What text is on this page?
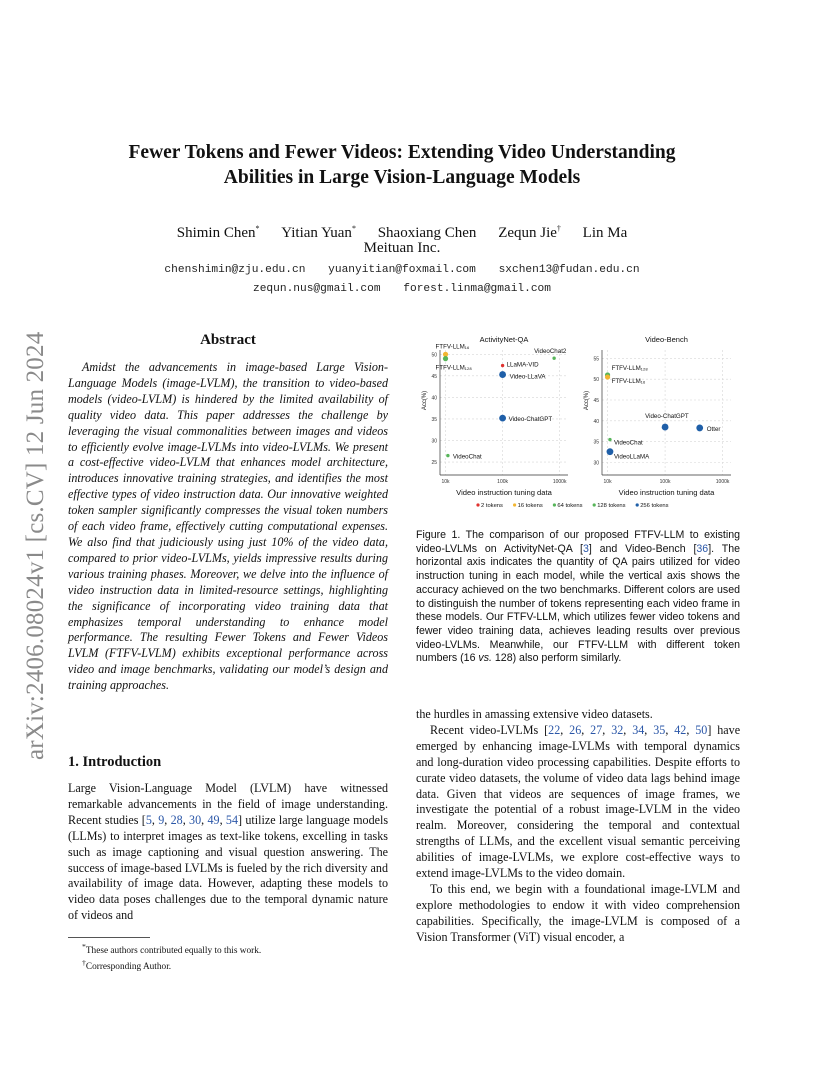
arXiv:2406.08024v1 [cs.CV] 12 Jun 2024
Fewer Tokens and Fewer Videos: Extending Video Understanding
Abilities in Large Vision-Language Models
Shimin Chen* Yitian Yuan* Shaoxiang Chen Zequn Jie† Lin Ma
Meituan Inc.
chenshimin@zju.edu.cn yuanyitian@foxmail.com sxchen13@fudan.edu.cn
zequn.nus@gmail.com forest.linma@gmail.com
Abstract
Amidst the advancements in image-based Large Vision-Language Models (image-LVLM), the transition to video-based models (video-LVLM) is hindered by the limited availability of quality video data. This paper addresses the challenge by leveraging the visual commonalities between images and videos to efficiently evolve image-LVLMs into video-LVLMs. We present a cost-effective video-LVLM that enhances model architecture, introduces innovative training strategies, and identifies the most effective types of video instruction data. Our innovative weighted token sampler significantly compresses the visual token numbers of each video frame, effectively cutting computational expenses. We also find that judiciously using just 10% of the video data, compared to prior video-LVLMs, yields impressive results during various training phases. Moreover, we delve into the influence of video instruction data in limited-resource settings, highlighting the significance of incorporating video training data that emphasizes temporal understanding to enhance model performance. The resulting Fewer Tokens and Fewer Videos LVLM (FTFV-LVLM) exhibits exceptional performance across video and image benchmarks, validating our model’s design and training approaches.
1. Introduction
Large Vision-Language Model (LVLM) have witnessed remarkable advancements in the field of image understanding. Recent studies [5, 9, 28, 30, 49, 54] utilize large language models (LLMs) to interpret images as text-like tokens, excelling in tasks such as image captioning and visual question answering. The success of image-based LVLMs is fueled by the rich diversity and availability of image data. However, adapting these models to video data poses challenges due to the temporal dynamic nature of videos and
*These authors contributed equally to this work.
†Corresponding Author.
25
30
35
40
45
50
10k	100k	1000k
ActivityNet-QA
Video instruction tuning data
Acc(%)
FTFV-LLM₁₆
FTFV-LLM₁₂₈
VideoChat2
LLaMA-VID
Video-LLaVA
Video-ChatGPT
VideoChat
30
35
40
45
50
55
10k	100k	1000k
Video-Bench
Video instruction tuning data
Acc(%)
FTFV-LLM₁₂₈
FTFV-LLM₁₆
Video-ChatGPT
Otter
VideoChat
VideoLLaMA
2 tokens	16 tokens	64 tokens	128 tokens	256 tokens
Figure 1. The comparison of our proposed FTFV-LLM to existing video-LVLMs on ActivityNet-QA [3] and Video-Bench [36]. The horizontal axis indicates the quantity of QA pairs utilized for video instruction tuning in each model, while the vertical axis shows the accuracy achieved on the two benchmarks. Different colors are used to distinguish the number of tokens representing each video frame in these models. Our FTFV-LLM, which utilizes fewer video tokens and fewer video training data, achieves leading results over previous video-LVLMs. Meanwhile, our FTFV-LLM with different token numbers (16 vs. 128) also perform similarly.

the hurdles in amassing extensive video datasets.

Recent video-LVLMs [22, 26, 27, 32, 34, 35, 42, 50] have emerged by enhancing image-LVLMs with temporal dynamics and long-duration video processing capabilities. Despite efforts to curate video datasets, the volume of video data lags behind image data. Given that videos are sequences of image frames, we investigate the potential of a robust image-LVLM in the video realm. Moreover, considering the temporal and contextual strengths of LLMs, and the excellent visual semantic perceiving abilities of image-LVLMs, we explore cost-effective ways to extend image-LVLMs to the video domain.

To this end, we begin with a foundational image-LVLM and explore methodologies to endow it with video comprehension capabilities. Specifically, the image-LVLM is composed of a Vision Transformer (ViT) visual encoder, a
